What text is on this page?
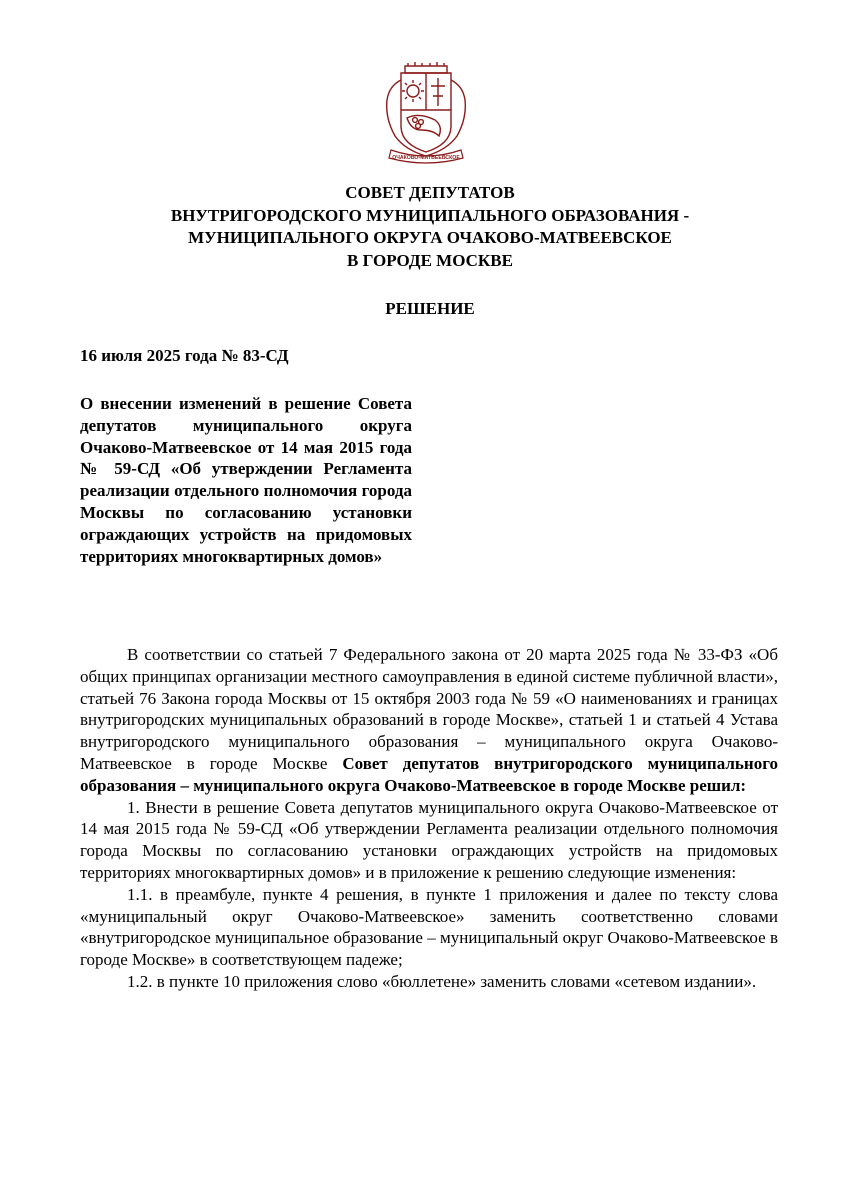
ОЧАКОВО-МАТВЕЕВСКОЕ
СОВЕТ ДЕПУТАТОВ
ВНУТРИГОРОДСКОГО МУНИЦИПАЛЬНОГО ОБРАЗОВАНИЯ -
МУНИЦИПАЛЬНОГО ОКРУГА ОЧАКОВО-МАТВЕЕВСКОЕ
В ГОРОДЕ МОСКВЕ
РЕШЕНИЕ
16 июля 2025 года № 83-СД

О внесении изменений в решение Совета депутатов муниципального округа Очаково-Матвеевское от 14 мая 2015 года № 59-СД «Об утверждении Регламента реализации отдельного полномочия города Москвы по согласованию установки ограждающих устройств на придомовых территориях многоквартирных домов»

В соответствии со статьей 7 Федерального закона от 20 марта 2025 года № 33-ФЗ «Об общих принципах организации местного самоуправления в единой системе публичной власти», статьей 76 Закона города Москвы от 15 октября 2003 года № 59 «О наименованиях и границах внутригородских муниципальных образований в городе Москве», статьей 1 и статьей 4 Устава внутригородского муниципального образования – муниципального округа Очаково-Матвеевское в городе Москве Совет депутатов внутригородского муниципального образования – муниципального округа Очаково-Матвеевское в городе Москве решил:

1. Внести в решение Совета депутатов муниципального округа Очаково-Матвеевское от 14 мая 2015 года № 59-СД «Об утверждении Регламента реализации отдельного полномочия города Москвы по согласованию установки ограждающих устройств на придомовых территориях многоквартирных домов» и в приложение к решению следующие изменения:

1.1. в преамбуле, пункте 4 решения, в пункте 1 приложения и далее по тексту слова «муниципальный округ Очаково-Матвеевское» заменить соответственно словами «внутригородское муниципальное образование – муниципальный округ Очаково-Матвеевское в городе Москве» в соответствующем падеже;

1.2. в пункте 10 приложения слово «бюллетене» заменить словами «сетевом издании».
